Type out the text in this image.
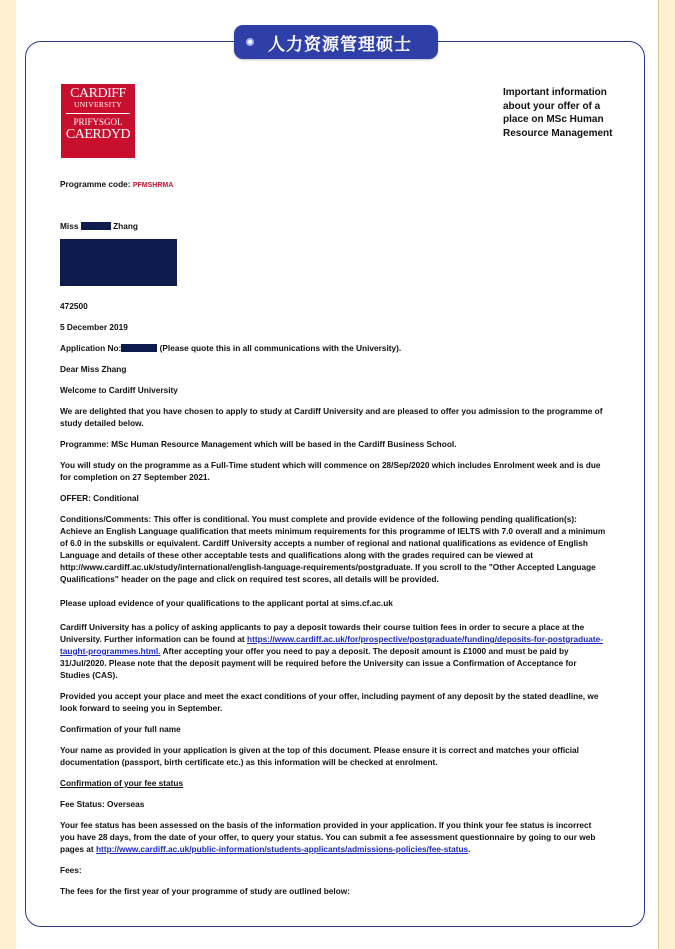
人力资源管理硕士
CARDIFF
UNIVERSITY
PRIFYSGOL
CAERDYD
Important information about your offer of a place on MSc Human Resource Management
Programme code: PFMSHRMA
Miss	Zhang
472500
5 December 2019
Application No:	(Please quote this in all communications with the University).
Dear Miss Zhang
Welcome to Cardiff University
We are delighted that you have chosen to apply to study at Cardiff University and are pleased to offer you admission to the programme of study detailed below.
Programme: MSc Human Resource Management which will be based in the Cardiff Business School.
You will study on the programme as a Full-Time student which will commence on 28/Sep/2020 which includes Enrolment week and is due for completion on 27 September 2021.
OFFER: Conditional
Conditions/Comments: This offer is conditional. You must complete and provide evidence of the following pending qualification(s): Achieve an English Language qualification that meets minimum requirements for this programme of IELTS with 7.0 overall and a minimum of 6.0 in the subskills or equivalent. Cardiff University accepts a number of regional and national qualifications as evidence of English Language and details of these other acceptable tests and qualifications along with the grades required can be viewed at http://www.cardiff.ac.uk/study/international/english-language-requirements/postgraduate. If you scroll to the "Other Accepted Language Qualifications" header on the page and click on required test scores, all details will be provided.
Please upload evidence of your qualifications to the applicant portal at sims.cf.ac.uk
Cardiff University has a policy of asking applicants to pay a deposit towards their course tuition fees in order to secure a place at the University. Further information can be found at https://www.cardiff.ac.uk/for/prospective/postgraduate/funding/deposits-for-postgraduate-taught-programmes.html. After accepting your offer you need to pay a deposit. The deposit amount is £1000 and must be paid by 31/Jul/2020. Please note that the deposit payment will be required before the University can issue a Confirmation of Acceptance for Studies (CAS).
Provided you accept your place and meet the exact conditions of your offer, including payment of any deposit by the stated deadline, we look forward to seeing you in September.
Confirmation of your full name
Your name as provided in your application is given at the top of this document. Please ensure it is correct and matches your official documentation (passport, birth certificate etc.) as this information will be checked at enrolment.
Confirmation of your fee status
Fee Status: Overseas
Your fee status has been assessed on the basis of the information provided in your application. If you think your fee status is incorrect you have 28 days, from the date of your offer, to query your status. You can submit a fee assessment questionnaire by going to our web pages at http://www.cardiff.ac.uk/public-information/students-applicants/admissions-policies/fee-status.
Fees:
The fees for the first year of your programme of study are outlined below:
